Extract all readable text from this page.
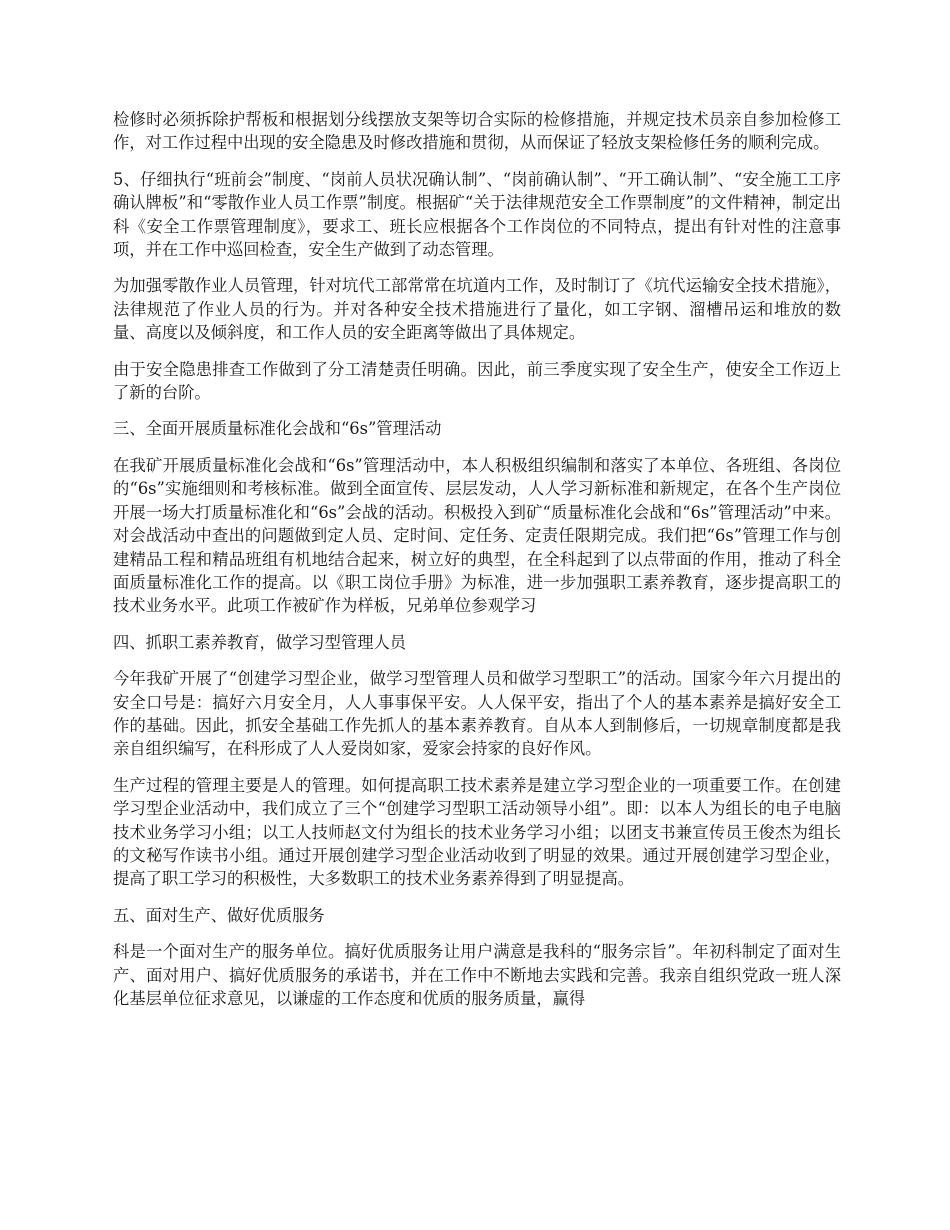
检修时必须拆除护帮板和根据划分线摆放支架等切合实际的检修措施，并规定技术员亲自参加检修工作，对工作过程中出现的安全隐患及时修改措施和贯彻，从而保证了轻放支架检修任务的顺利完成。

5、仔细执行“班前会”制度、“岗前人员状况确认制”、“岗前确认制”、“开工确认制”、“安全施工工序确认牌板”和“零散作业人员工作票”制度。根据矿“关于法律规范安全工作票制度”的文件精神，制定出科《安全工作票管理制度》，要求工、班长应根据各个工作岗位的不同特点，提出有针对性的注意事项，并在工作中巡回检查，安全生产做到了动态管理。

为加强零散作业人员管理，针对坑代工部常常在坑道内工作，及时制订了《坑代运输安全技术措施》，法律规范了作业人员的行为。并对各种安全技术措施进行了量化，如工字钢、溜槽吊运和堆放的数量、高度以及倾斜度，和工作人员的安全距离等做出了具体规定。

由于安全隐患排查工作做到了分工清楚责任明确。因此，前三季度实现了安全生产，使安全工作迈上了新的台阶。

三、全面开展质量标准化会战和“6s”管理活动

在我矿开展质量标准化会战和“6s”管理活动中，本人积极组织编制和落实了本单位、各班组、各岗位的“6s”实施细则和考核标准。做到全面宣传、层层发动，人人学习新标准和新规定，在各个生产岗位开展一场大打质量标准化和“6s”会战的活动。积极投入到矿“质量标准化会战和“6s”管理活动”中来。对会战活动中查出的问题做到定人员、定时间、定任务、定责任限期完成。我们把“6s”管理工作与创建精品工程和精品班组有机地结合起来，树立好的典型，在全科起到了以点带面的作用，推动了科全面质量标准化工作的提高。以《职工岗位手册》为标准，进一步加强职工素养教育，逐步提高职工的技术业务水平。此项工作被矿作为样板，兄弟单位参观学习

四、抓职工素养教育，做学习型管理人员

今年我矿开展了“创建学习型企业，做学习型管理人员和做学习型职工”的活动。国家今年六月提出的安全口号是：搞好六月安全月，人人事事保平安。人人保平安，指出了个人的基本素养是搞好安全工作的基础。因此，抓安全基础工作先抓人的基本素养教育。自从本人到制修后，一切规章制度都是我亲自组织编写，在科形成了人人爱岗如家，爱家会持家的良好作风。

生产过程的管理主要是人的管理。如何提高职工技术素养是建立学习型企业的一项重要工作。在创建学习型企业活动中，我们成立了三个“创建学习型职工活动领导小组”。即：以本人为组长的电子电脑技术业务学习小组；以工人技师赵文付为组长的技术业务学习小组；以团支书兼宣传员王俊杰为组长的文秘写作读书小组。通过开展创建学习型企业活动收到了明显的效果。通过开展创建学习型企业，提高了职工学习的积极性，大多数职工的技术业务素养得到了明显提高。

五、面对生产、做好优质服务

科是一个面对生产的服务单位。搞好优质服务让用户满意是我科的“服务宗旨”。年初科制定了面对生产、面对用户、搞好优质服务的承诺书，并在工作中不断地去实践和完善。我亲自组织党政一班人深化基层单位征求意见，以谦虚的工作态度和优质的服务质量，赢得
